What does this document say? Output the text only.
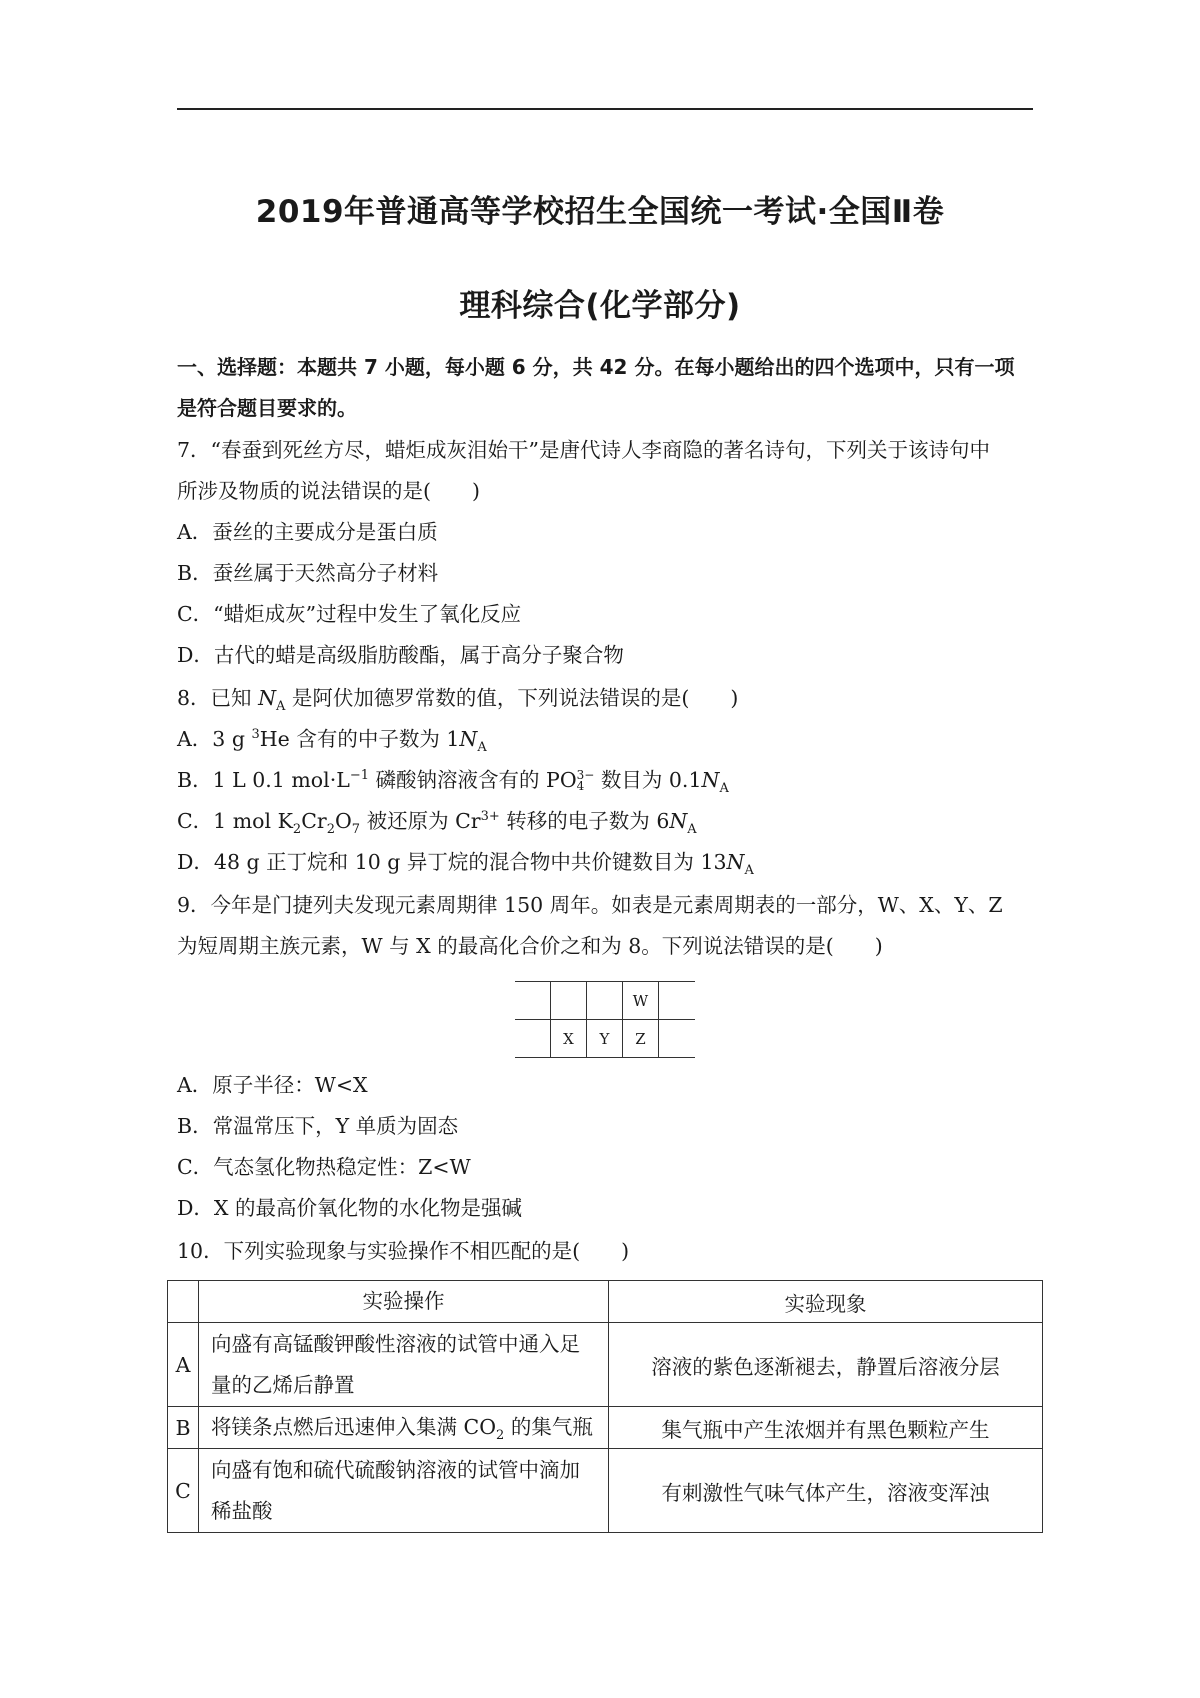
2019年普通高等学校招生全国统一考试·全国Ⅱ卷
理科综合(化学部分)
一、选择题：本题共 7 小题，每小题 6 分，共 42 分。在每小题给出的四个选项中，只有一项
是符合题目要求的。
7．“春蚕到死丝方尽，蜡炬成灰泪始干”是唐代诗人李商隐的著名诗句，下列关于该诗句中
所涉及物质的说法错误的是(　　)
A．蚕丝的主要成分是蛋白质
B．蚕丝属于天然高分子材料
C．“蜡炬成灰”过程中发生了氧化反应
D．古代的蜡是高级脂肪酸酯，属于高分子聚合物
8．已知 $N_A$ 是阿伏加德罗常数的值，下列说法错误的是(　　)
A．3 g $^3$He 含有的中子数为 $1N_A$
B．1 L 0.1 $mol\cdot L^{-1}$ 磷酸钠溶液含有的 PO 3−
4 数目为 $0.1N_A$
C．1 mol $K_2Cr_2O_7$ 被还原为 $Cr^{3+}$ 转移的电子数为 $6N_A$
D．48 g 正丁烷和 10 g 异丁烷的混合物中共价键数目为 $13N_A$
9．今年是门捷列夫发现元素周期律 150 周年。如表是元素周期表的一部分，W、X、Y、Z
为短周期主族元素，W 与 X 的最高化合价之和为 8。下列说法错误的是(　　)
			W	
	X	Y	Z	
A．原子半径：W<X
B．常温常压下，Y 单质为固态
C．气态氢化物热稳定性：Z<W
D．X 的最高价氧化物的水化物是强碱
10．下列实验现象与实验操作不相匹配的是(　　)
	实验操作	实验现象
A	向盛有高锰酸钾酸性溶液的试管中通入足
量的乙烯后静置	溶液的紫色逐渐褪去，静置后溶液分层
B	将镁条点燃后迅速伸入集满 $CO_2$ 的集气瓶	集气瓶中产生浓烟并有黑色颗粒产生
C	向盛有饱和硫代硫酸钠溶液的试管中滴加
稀盐酸	有刺激性气味气体产生，溶液变浑浊
